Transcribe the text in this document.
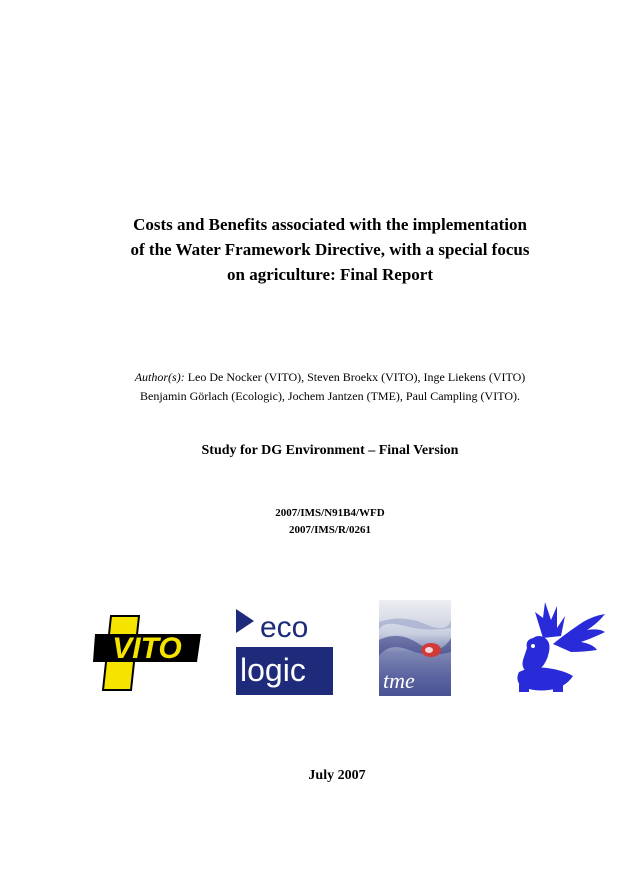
Costs and Benefits associated with the implementation
of the Water Framework Directive, with a special focus
on agriculture: Final Report
Author(s): Leo De Nocker (VITO), Steven Broekx (VITO), Inge Liekens (VITO)
Benjamin Görlach (Ecologic), Jochem Jantzen (TME), Paul Campling (VITO).
Study for DG Environment – Final Version
2007/IMS/N91B4/WFD
2007/IMS/R/0261
VITO
eco
logic	tme
July 2007
